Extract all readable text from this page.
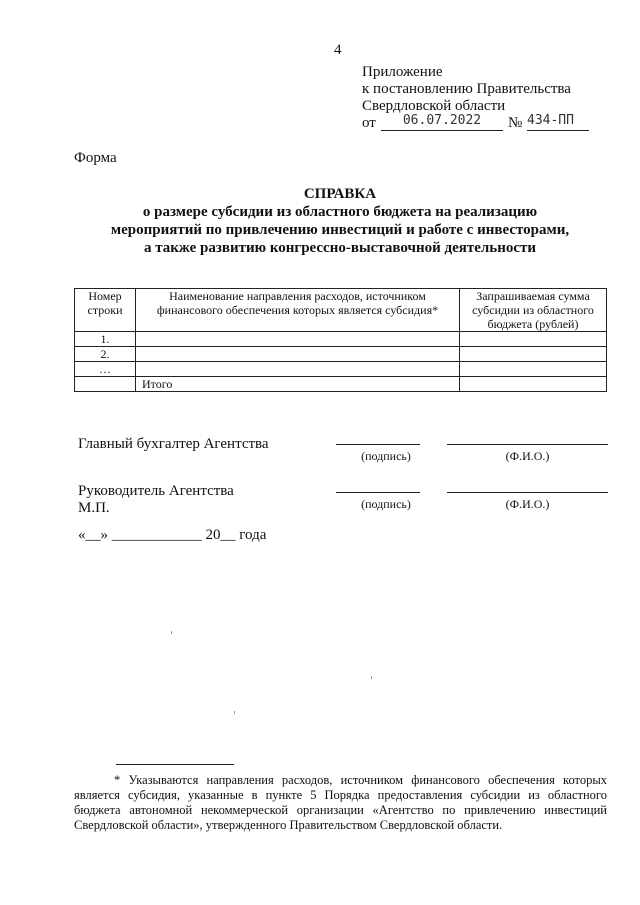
4
Приложение
к постановлению Правительства
Свердловской области
от	06.07.2022	№ 434-ПП
Форма
СПРАВКА
о размере субсидии из областного бюджета на реализацию
мероприятий по привлечению инвестиций и работе с инвесторами,
а также развитию конгрессно-выставочной деятельности
Номер строки	Наименование направления расходов, источником финансового обеспечения которых является субсидия*	Запрашиваемая сумма субсидии из областного бюджета (рублей)
1.		
2.		
…		
	Итого	
Главный бухгалтер Агентства
(подпись)	(Ф.И.О.)
Руководитель Агентства
М.П.	(подпись)	(Ф.И.О.)
«__» ____________ 20__ года
* Указываются направления расходов, источником финансового обеспечения которых является субсидия, указанные в пункте 5 Порядка предоставления субсидии из областного бюджета автономной некоммерческой организации «Агентство по привлечению инвестиций Свердловской области», утвержденного Правительством Свердловской области.
